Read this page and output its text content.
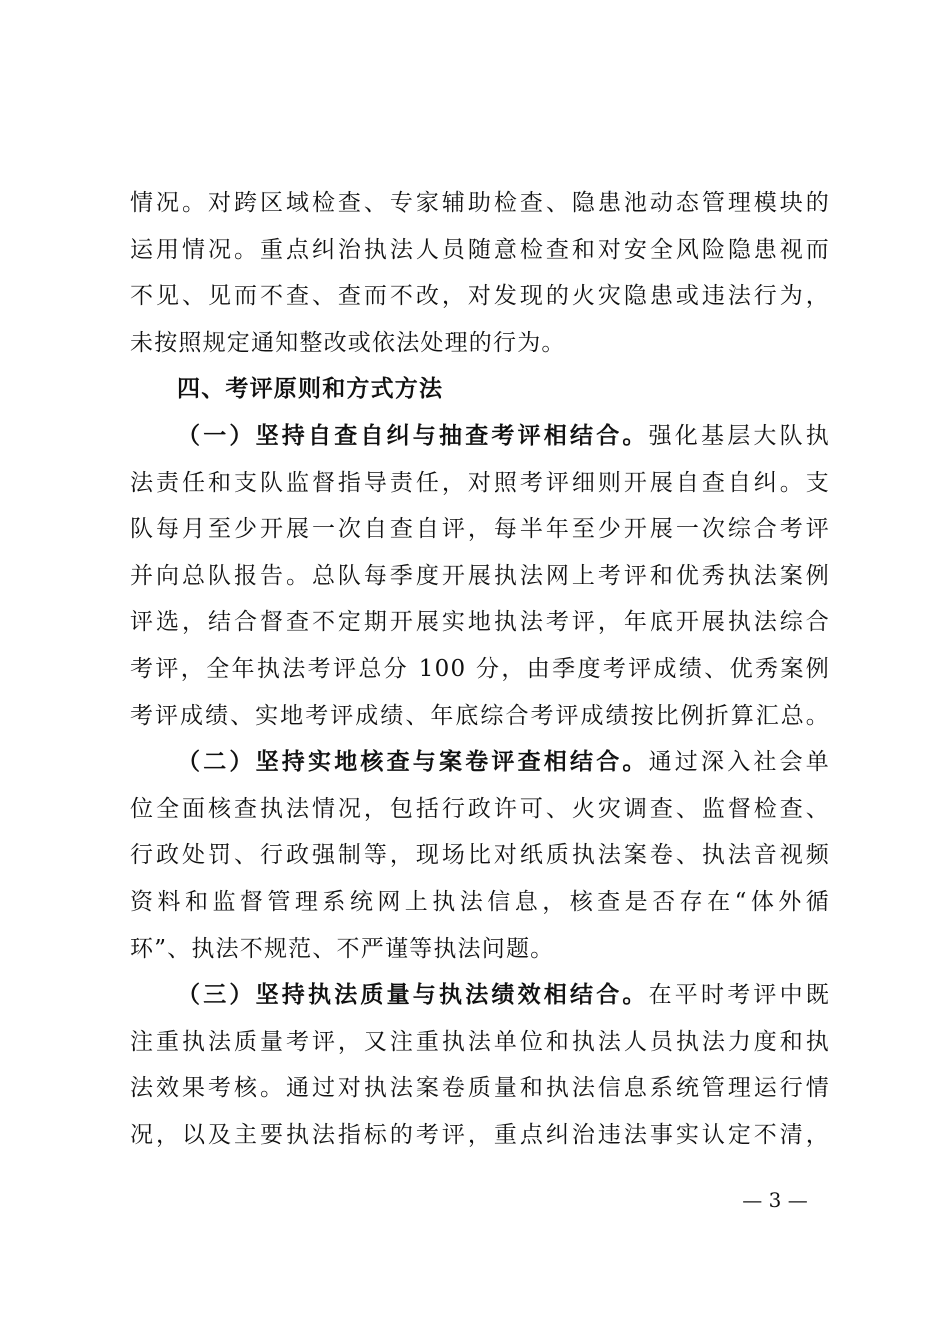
情况。对跨区域检查、专家辅助检查、隐患池动态管理模块的
运用情况。重点纠治执法人员随意检查和对安全风险隐患视而
不见、见而不查、查而不改，对发现的火灾隐患或违法行为，
未按照规定通知整改或依法处理的行为。
四、考评原则和方式方法
（一）坚持自查自纠与抽查考评相结合。强化基层大队执
法责任和支队监督指导责任，对照考评细则开展自查自纠。支
队每月至少开展一次自查自评，每半年至少开展一次综合考评
并向总队报告。总队每季度开展执法网上考评和优秀执法案例
评选，结合督查不定期开展实地执法考评，年底开展执法综合
考评，全年执法考评总分 100 分，由季度考评成绩、优秀案例
考评成绩、实地考评成绩、年底综合考评成绩按比例折算汇总。
（二）坚持实地核查与案卷评查相结合。通过深入社会单
位全面核查执法情况，包括行政许可、火灾调查、监督检查、
行政处罚、行政强制等，现场比对纸质执法案卷、执法音视频
资料和监督管理系统网上执法信息，核查是否存在“体外循
环”、执法不规范、不严谨等执法问题。
（三）坚持执法质量与执法绩效相结合。在平时考评中既
注重执法质量考评，又注重执法单位和执法人员执法力度和执
法效果考核。通过对执法案卷质量和执法信息系统管理运行情
况，以及主要执法指标的考评，重点纠治违法事实认定不清，
— 3 —
